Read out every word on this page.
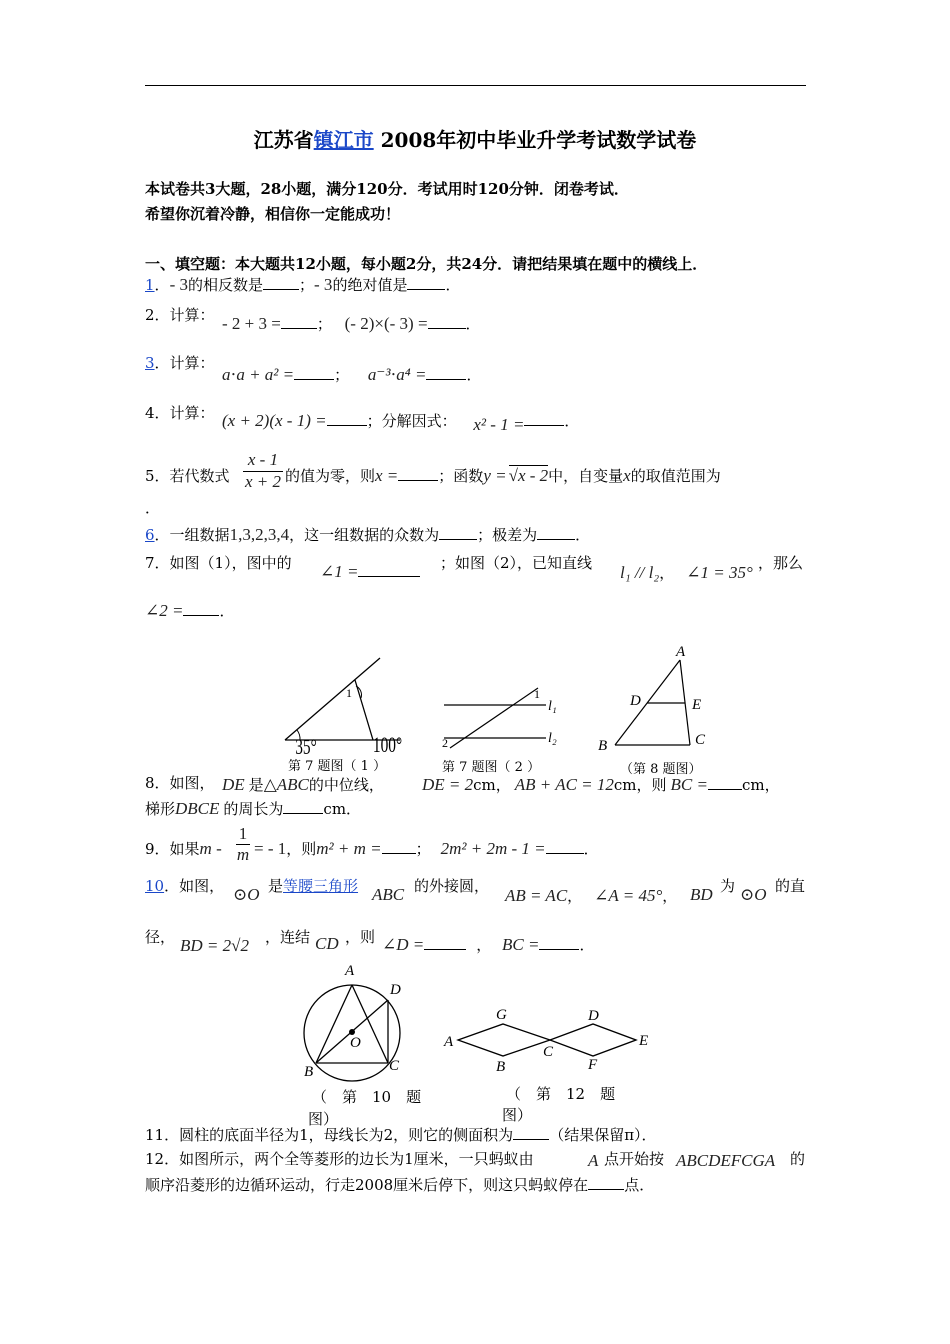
江苏省镇江市 2008年初中毕业升学考试数学试卷
本试卷共3大题，28小题，满分120分．考试用时120分钟．闭卷考试．
希望你沉着冷静，相信你一定能成功！
一、填空题：本大题共12小题，每小题2分，共24分．请把结果填在题中的横线上．
1．- 3的相反数是 ；- 3的绝对值是	．
2．计算： - 2 + 3 = ； (- 2)×(- 3) =	．
3．计算：
a⋅a + a² =	； a⁻³⋅a⁴ =	．
4．计算： (x + 2)(x - 1) =	；分解因式： x² - 1 =	．
5．若代数式
x - 1
x + 2 的值为零，则x =	；函数y = √x - 2中，自变量x的取值范围为
．
6．一组数据1,3,2,3,4，这一组数据的众数为	；极差为	．
7．如图（1），图中的 ∠1 =	；如图（2），已知直线 l₁ // l₂， ∠1 = 35° ，那么
∠2 = ．
1
35°	100°
第 7 题图（ 1 ）
1
2
l₁
l₂
第 7 题图（ 2 ）
A
B	C
D	E
（第 8 题图）
8．如图， DE 是△ABC的中位线， DE = 2cm， AB + AC = 12cm，则 BC = cm，
梯形DBCE 的周长为	cm．
9．如果m -
1
m = - 1，则m² + m = ； 2m² + 2m - 1 =	．
10．如图， ⊙O 是等腰三角形 ABC 的外接圆， AB = AC， ∠A = 45°， BD 为 ⊙O 的直
径， BD = 2√2 ，连结 CD ，则 ∠D =	， BC =	．
A
B	C
D
O
（　第　10　题
图）
A
G
B
C
D
E
F
（　第　12　题
图）
11．圆柱的底面半径为1，母线长为2，则它的侧面积为 （结果保留π）．
12．如图所示，两个全等菱形的边长为1厘米，一只蚂蚁由	A 点开始按 ABCDEFCGA 的
顺序沿菱形的边循环运动，行走2008厘米后停下，则这只蚂蚁停在 点．
